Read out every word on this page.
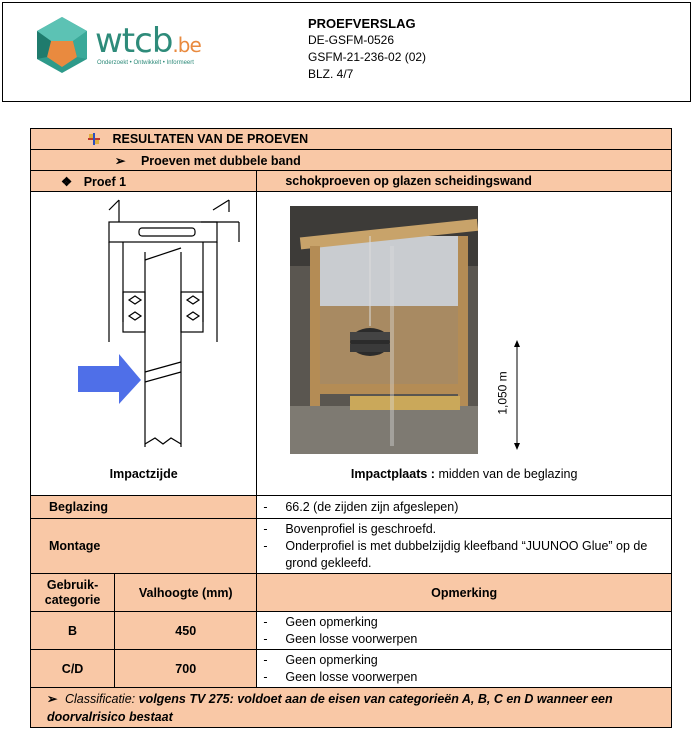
wtcb.be
Onderzoekt • Ontwikkelt • Informeert
PROEFVERSLAG
DE-GSFM-0526
GSFM-21-236-02 (02)
BLZ. 4/7
RESULTATEN VAN DE PROEVEN		
➢ Proeven met dubbele band		
❖ Proef 1		schokproeven op glazen scheidingswand

Impactzijde		1,050 m
Impactplaats : midden van de beglazing

Beglazing		- 66.2 (de zijden zijn afgeslepen)

Montage		- Bovenprofiel is geschroefd.
- Onderprofiel is met dubbelzijdig kleefband “JUUNOO Glue” op de grond gekleefd.

Gebruik-
categorie	Valhoogte (mm)	Opmerking
B	450	- Geen opmerking
- Geen losse voorwerpen

C/D	700	- Geen opmerking
- Geen losse voorwerpen

➢ Classificatie: volgens TV 275: voldoet aan de eisen van categorieën A, B, C en D wanneer een doorvalrisico bestaat		
